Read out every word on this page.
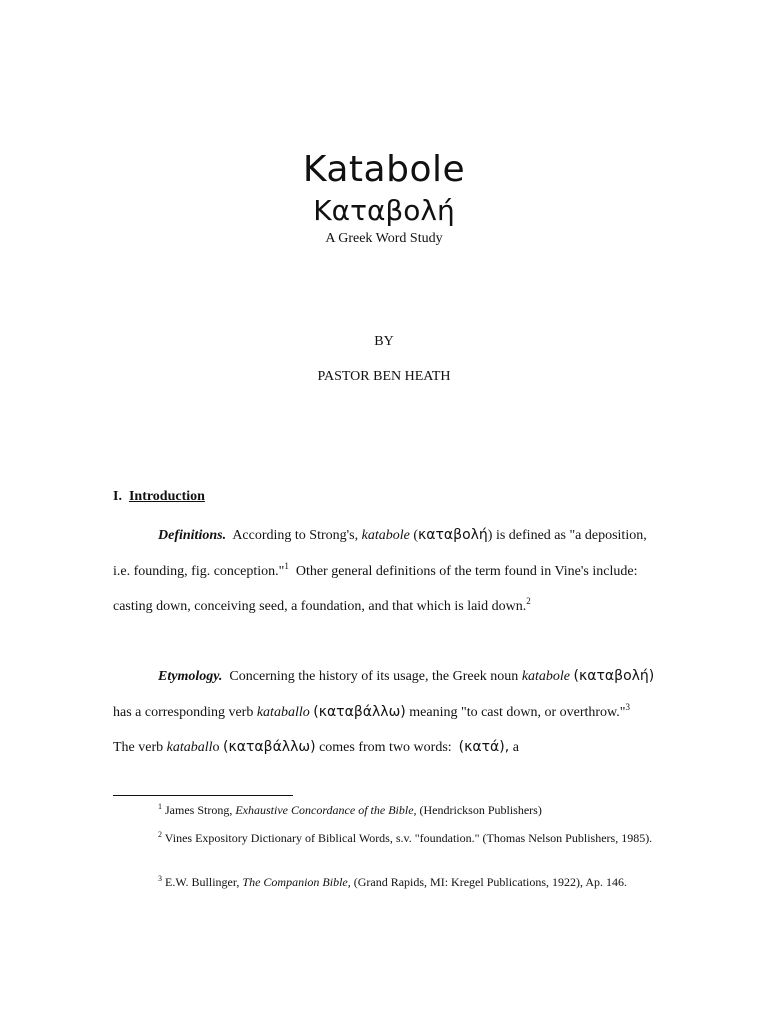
Katabole
Καταβολή
A Greek Word Study
BY
PASTOR BEN HEATH
I. Introduction
Definitions. According to Strong's, katabole (καταβολή) is defined as "a deposition, i.e. founding, fig. conception."$^1$ Other general definitions of the term found in Vine's include: casting down, conceiving seed, a foundation, and that which is laid down.$^2$
Etymology. Concerning the history of its usage, the Greek noun katabole (καταβολή) has a corresponding verb kataballo (καταβάλλω) meaning "to cast down, or overthrow."$^3$  The verb kataballo (καταβάλλω) comes from two words: (κατά), a
$^1$ James Strong, Exhaustive Concordance of the Bible, (Hendrickson Publishers)
$^2$ Vines Expository Dictionary of Biblical Words, s.v. "foundation." (Thomas Nelson Publishers, 1985).
$^3$ E.W. Bullinger, The Companion Bible, (Grand Rapids, MI: Kregel Publications, 1922), Ap. 146.
